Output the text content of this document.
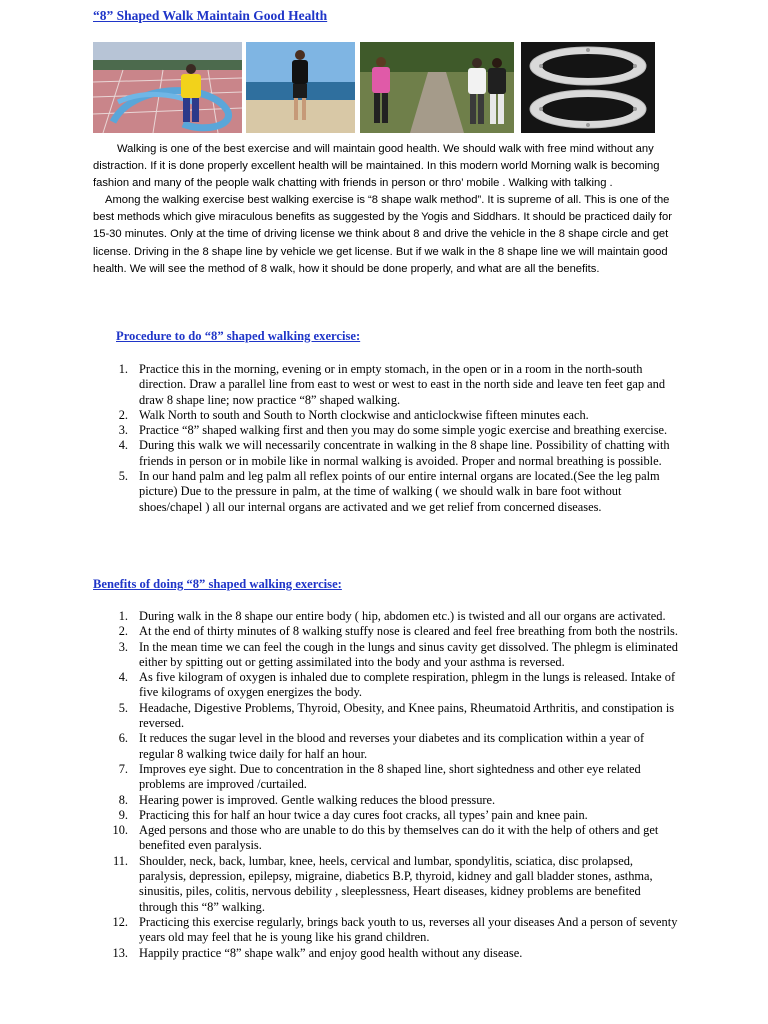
“8” Shaped Walk Maintain Good Health

Walking is one of the best exercise and will maintain good health. We should walk with free mind without any distraction. If it is done properly excellent health will be maintained. In this modern world Morning walk is becoming fashion and many of the people walk chatting with friends in person or thro’ mobile . Walking with talking .

Among the walking exercise best walking exercise is “8 shape walk method”. It is supreme of all. This is one of the best methods which give miraculous benefits as suggested by the Yogis and Siddhars. It should be practiced daily for 15-30 minutes. Only at the time of driving license we think about 8 and drive the vehicle in the 8 shape circle and get license. Driving in the 8 shape line by vehicle we get license. But if we walk in the 8 shape line we will maintain good health. We will see the method of 8 walk, how it should be done properly, and what are all the benefits.

Procedure to do “8” shaped walking exercise:
1. Practice this in the morning, evening or in empty stomach, in the open or in a room in the north-south direction. Draw a parallel line from east to west or west to east in the north side and leave ten feet gap and draw 8 shape line; now practice “8” shaped walking.
2. Walk North to south and South to North clockwise and anticlockwise fifteen minutes each.
3. Practice “8” shaped walking first and then you may do some simple yogic exercise and breathing exercise.
4. During this walk we will necessarily concentrate in walking in the 8 shape line. Possibility of chatting with friends in person or in mobile like in normal walking is avoided. Proper and normal breathing is possible.
5. In our hand palm and leg palm all reflex points of our entire internal organs are located.(See the leg palm picture) Due to the pressure in palm, at the time of walking ( we should walk in bare foot without shoes/chapel ) all our internal organs are activated and we get relief from concerned diseases.
Benefits of doing “8” shaped walking exercise:
1. During walk in the 8 shape our entire body ( hip, abdomen etc.) is twisted and all our organs are activated.
2. At the end of thirty minutes of 8 walking stuffy nose is cleared and feel free breathing from both the nostrils.
3. In the mean time we can feel the cough in the lungs and sinus cavity get dissolved. The phlegm is eliminated either by spitting out or getting assimilated into the body and your asthma is reversed.
4. As five kilogram of oxygen is inhaled due to complete respiration, phlegm in the lungs is released. Intake of five kilograms of oxygen energizes the body.
5. Headache, Digestive Problems, Thyroid, Obesity, and Knee pains, Rheumatoid Arthritis, and constipation is reversed.
6. It reduces the sugar level in the blood and reverses your diabetes and its complication within a year of regular 8 walking twice daily for half an hour.
7. Improves eye sight. Due to concentration in the 8 shaped line, short sightedness and other eye related problems are improved /curtailed.
8. Hearing power is improved. Gentle walking reduces the blood pressure.
9. Practicing this for half an hour twice a day cures foot cracks, all types’ pain and knee pain.
10. Aged persons and those who are unable to do this by themselves can do it with the help of others and get benefited even paralysis.
11. Shoulder, neck, back, lumbar, knee, heels, cervical and lumbar, spondylitis, sciatica, disc prolapsed, paralysis, depression, epilepsy, migraine, diabetics B.P, thyroid, kidney and gall bladder stones, asthma, sinusitis, piles, colitis, nervous debility , sleeplessness, Heart diseases, kidney problems are benefited through this “8” walking.
12. Practicing this exercise regularly, brings back youth to us, reverses all your diseases And a person of seventy years old may feel that he is young like his grand children.
13. Happily practice “8” shape walk” and enjoy good health without any disease.
